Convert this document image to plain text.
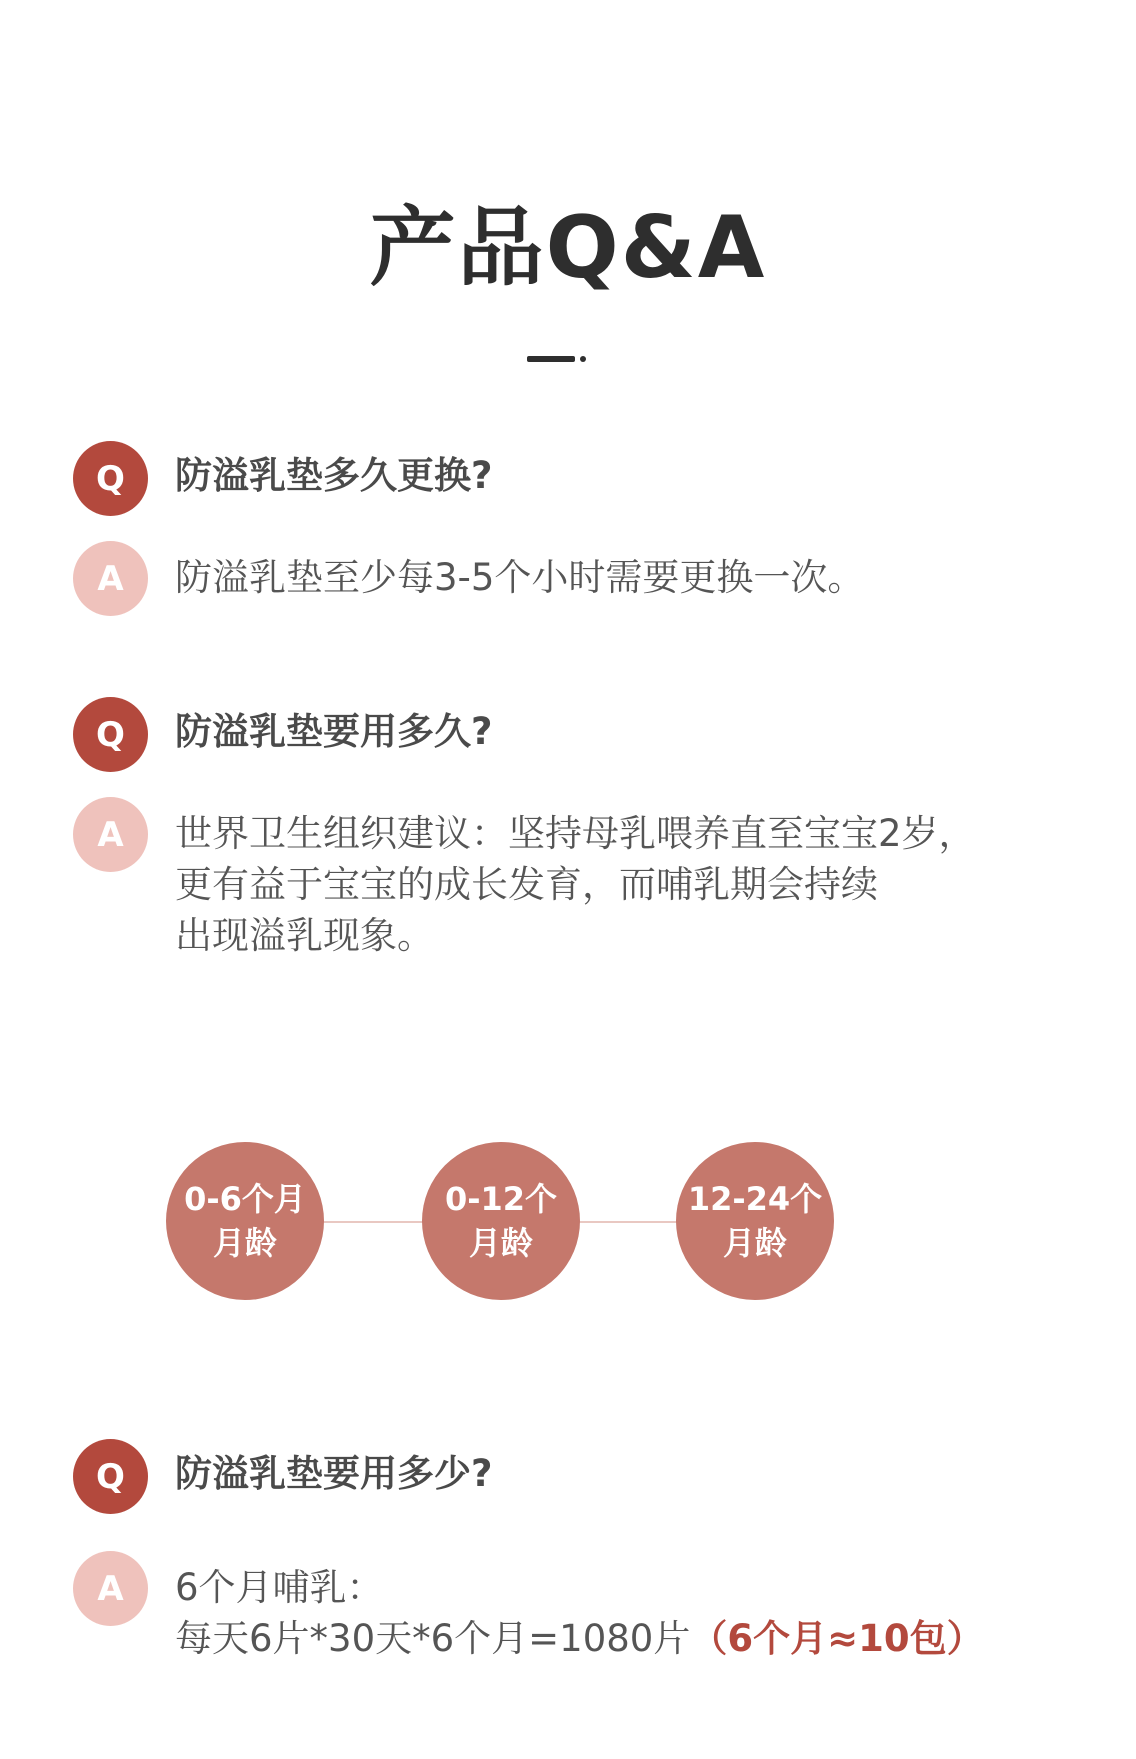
产品Q&A
Q	防溢乳垫多久更换?
A	防溢乳垫至少每3-5个小时需要更换一次。
Q	防溢乳垫要用多久?
A	世界卫生组织建议：坚持母乳喂养直至宝宝2岁，
更有益于宝宝的成长发育，而哺乳期会持续
出现溢乳现象。
0-6个月
月龄
0-12个
月龄
12-24个
月龄
Q	防溢乳垫要用多少?
A	6个月哺乳：
每天6片*30天*6个月=1080片（6个月≈10包）
